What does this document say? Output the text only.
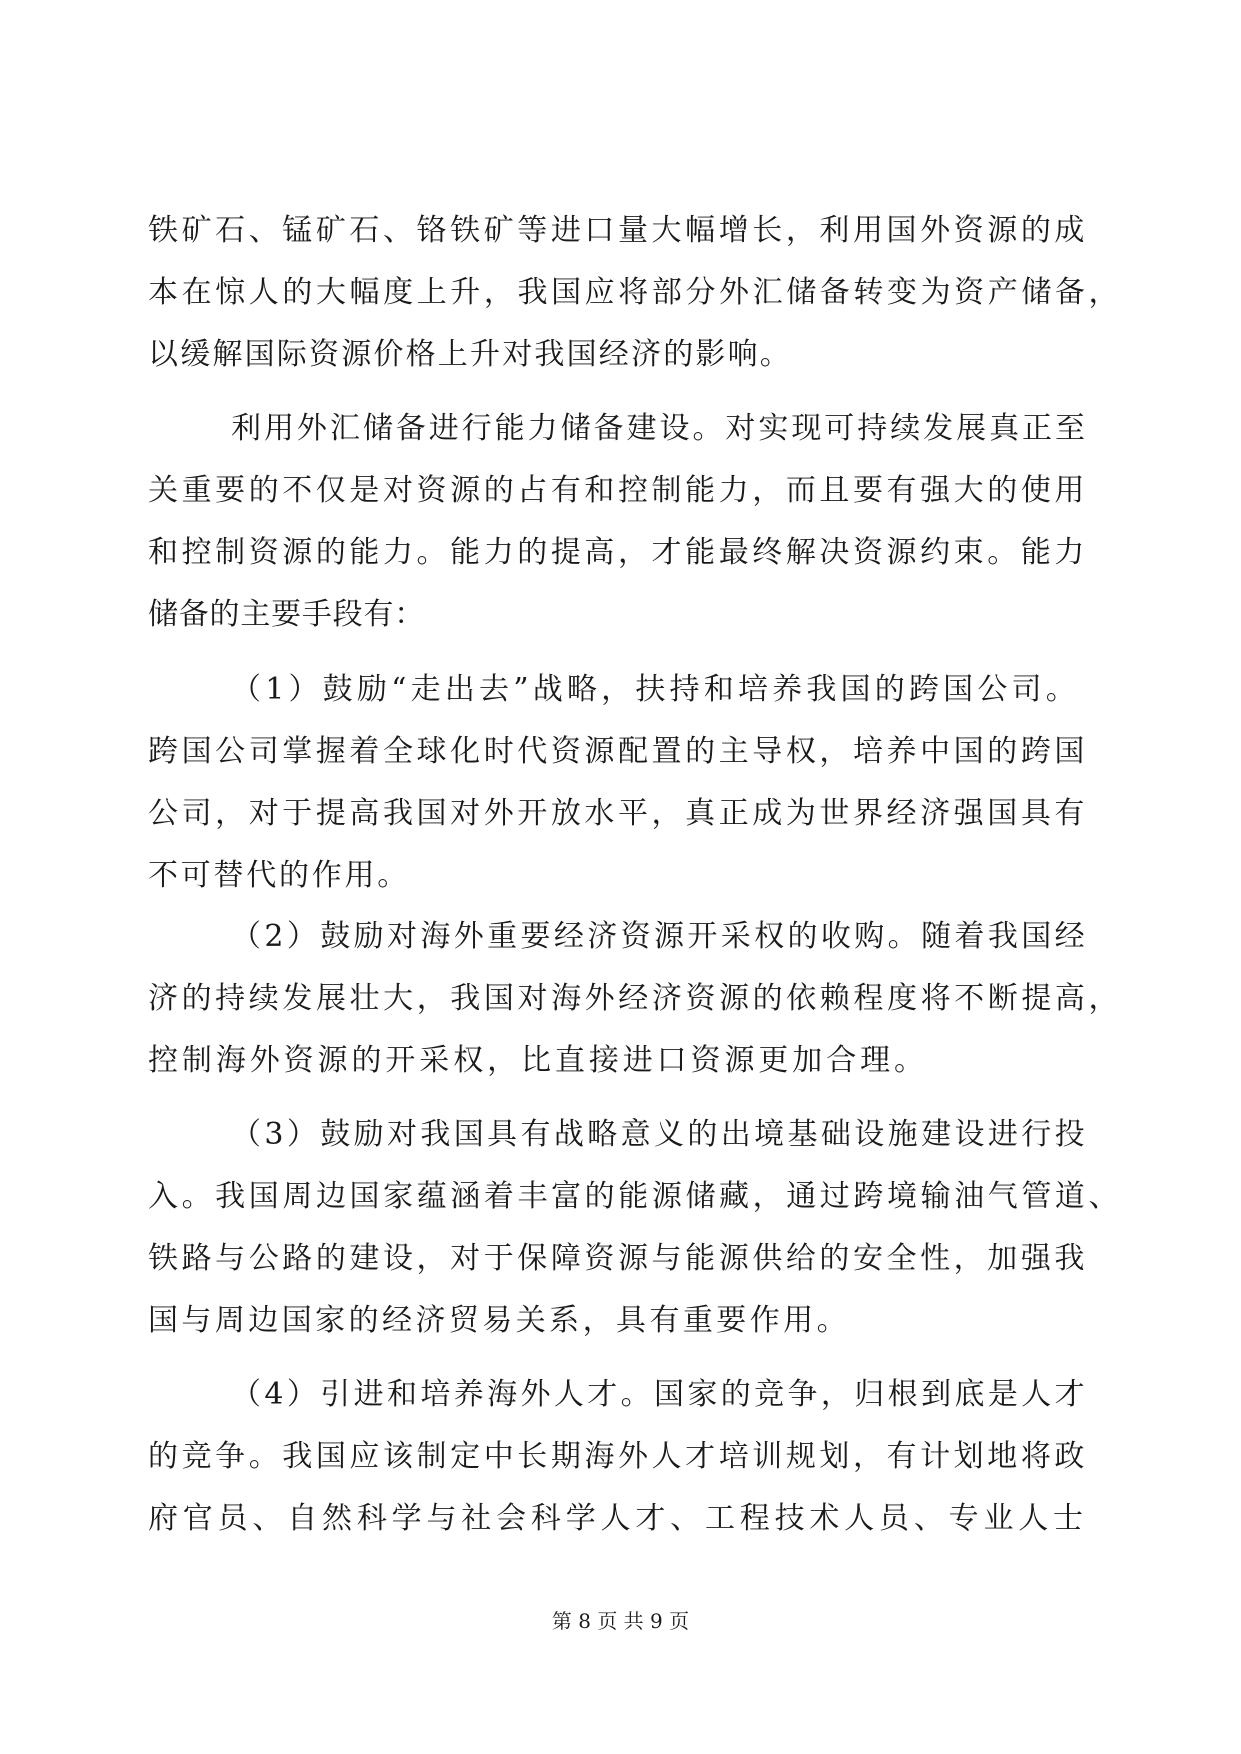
铁矿石、锰矿石、铬铁矿等进口量大幅增长，利用国外资源的成
本在惊人的大幅度上升，我国应将部分外汇储备转变为资产储备，
以缓解国际资源价格上升对我国经济的影响。
利用外汇储备进行能力储备建设。对实现可持续发展真正至
关重要的不仅是对资源的占有和控制能力，而且要有强大的使用
和控制资源的能力。能力的提高，才能最终解决资源约束。能力
储备的主要手段有：
（1）鼓励“走出去”战略，扶持和培养我国的跨国公司。
跨国公司掌握着全球化时代资源配置的主导权，培养中国的跨国
公司，对于提高我国对外开放水平，真正成为世界经济强国具有
不可替代的作用。
（2）鼓励对海外重要经济资源开采权的收购。随着我国经
济的持续发展壮大，我国对海外经济资源的依赖程度将不断提高，
控制海外资源的开采权，比直接进口资源更加合理。
（3）鼓励对我国具有战略意义的出境基础设施建设进行投
入。我国周边国家蕴涵着丰富的能源储藏，通过跨境输油气管道、
铁路与公路的建设，对于保障资源与能源供给的安全性，加强我
国与周边国家的经济贸易关系，具有重要作用。
（4）引进和培养海外人才。国家的竞争，归根到底是人才
的竞争。我国应该制定中长期海外人才培训规划，有计划地将政
府官员、自然科学与社会科学人才、工程技术人员、专业人士
第 8 页 共 9 页
